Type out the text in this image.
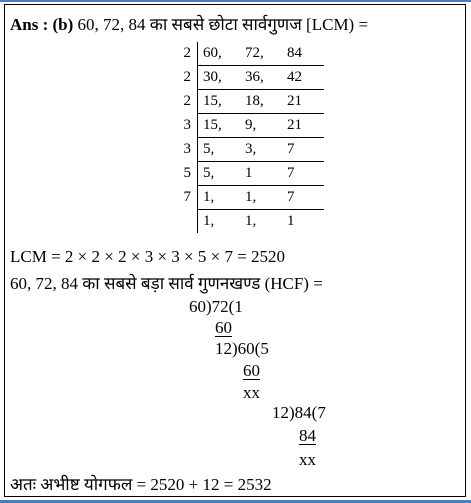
Ans : (b) 60, 72, 84 का सबसे छोटा सार्वगुणज [LCM) =
2	60,	72,	84
2	30,	36,	42
2	15,	18,	21
3	15,	9,	21
3	5,	3,	7
5	5,	1	7
7	1,	1,	7
	1,	1,	1
LCM = 2 × 2 × 2 × 3 × 3 × 5 × 7 = 2520
60, 72, 84 का सबसे बड़ा सार्व गुणनखण्ड (HCF) =
60)72(1
60
12)60(5
60
xx
12)84(7
84
xx
अतः अभीष्ट योगफल = 2520 + 12 = 2532
